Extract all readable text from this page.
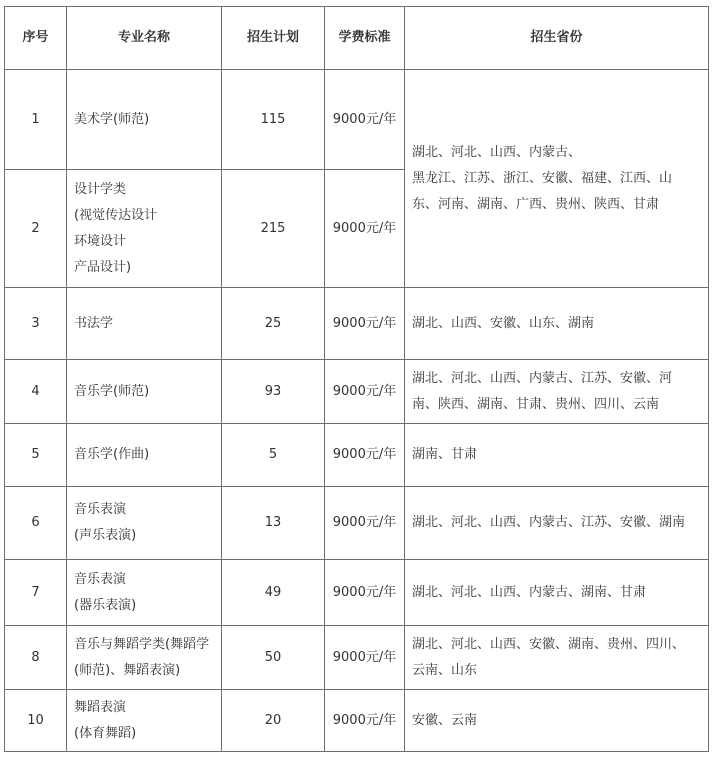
序号	专业名称	招生计划	学费标准	招生省份
1	美术学(师范)	115	9000元/年	湖北、河北、山西、内蒙古、
黑龙江、江苏、浙江、安徽、福建、江西、山
东、河南、湖南、广西、贵州、陕西、甘肃

2	设计学类
(视觉传达设计
环境设计
产品设计)	215	9000元/年	
3	书法学	25	9000元/年	湖北、山西、安徽、山东、湖南

4	音乐学(师范)	93	9000元/年	湖北、河北、山西、内蒙古、江苏、安徽、河
南、陕西、湖南、甘肃、贵州、四川、云南

5	音乐学(作曲)	5	9000元/年	湖南、甘肃

6	音乐表演
(声乐表演)	13	9000元/年	湖北、河北、山西、内蒙古、江苏、安徽、湖南

7	音乐表演
(器乐表演)	49	9000元/年	湖北、河北、山西、内蒙古、湖南、甘肃

8	音乐与舞蹈学类(舞蹈学
(师范)、舞蹈表演)	50	9000元/年	湖北、河北、山西、安徽、湖南、贵州、四川、
云南、山东

10	舞蹈表演
(体育舞蹈)	20	9000元/年	安徽、云南
